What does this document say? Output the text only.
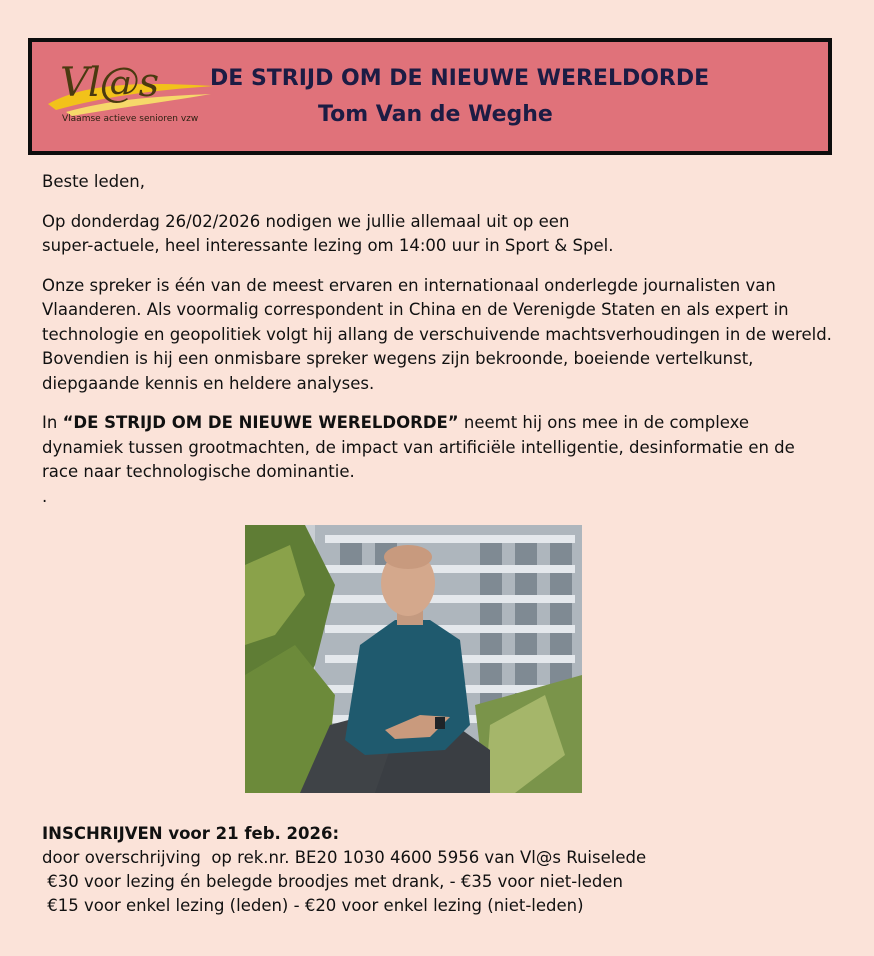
Vl@s
Vlaamse actieve senioren vzw
DE STRIJD OM DE NIEUWE WERELDORDE
Tom Van de Weghe

Beste leden,

Op donderdag 26/02/2026 nodigen we jullie allemaal uit op een
super-actuele, heel interessante lezing om 14:00 uur in Sport & Spel.

Onze spreker is één van de meest ervaren en internationaal onderlegde journalisten van Vlaanderen. Als voormalig correspondent in China en de Verenigde Staten en als expert in technologie en geopolitiek volgt hij allang de verschuivende machtsverhoudingen in de wereld.
Bovendien is hij een onmisbare spreker wegens zijn bekroonde, boeiende vertelkunst, diepgaande kennis en heldere analyses.

In “DE STRIJD OM DE NIEUWE WERELDORDE” neemt hij ons mee in de complexe dynamiek tussen grootmachten, de impact van artificiële intelligentie, desinformatie en de race naar technologische dominantie.

.

INSCHRIJVEN voor 21 feb. 2026:
door overschrijving  op rek.nr. BE20 1030 4600 5956 van Vl@s Ruiselede
€30 voor lezing én belegde broodjes met drank, - €35 voor niet-leden
€15 voor enkel lezing (leden) - €20 voor enkel lezing (niet-leden)
